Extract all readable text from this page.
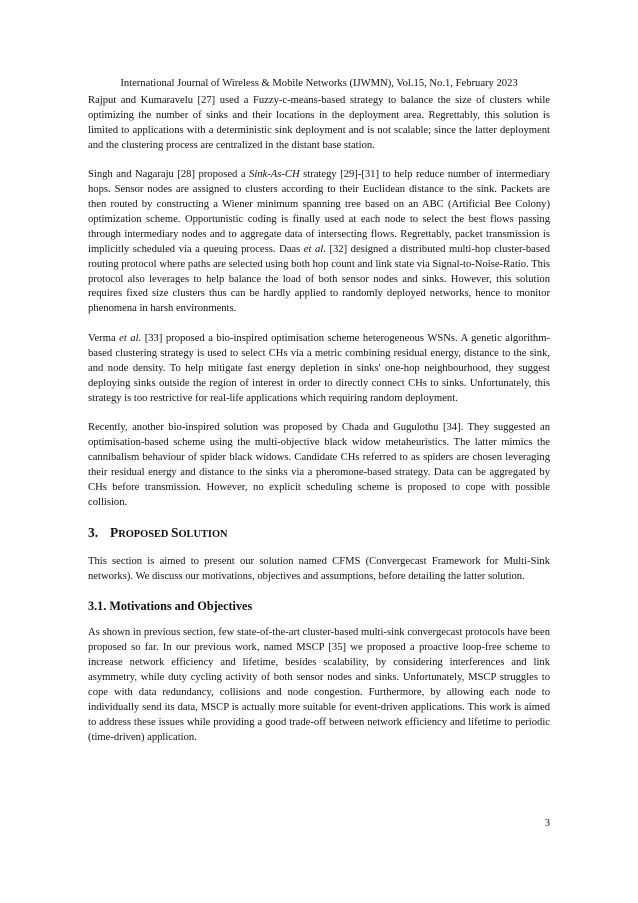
International Journal of Wireless & Mobile Networks (IJWMN), Vol.15, No.1, February 2023

Rajput and Kumaravelu [27] used a Fuzzy-c-means-based strategy to balance the size of clusters while optimizing the number of sinks and their locations in the deployment area. Regrettably, this solution is limited to applications with a deterministic sink deployment and is not scalable; since the latter deployment and the clustering process are centralized in the distant base station.

Singh and Nagaraju [28] proposed a Sink-As-CH strategy [29]-[31] to help reduce number of intermediary hops. Sensor nodes are assigned to clusters according to their Euclidean distance to the sink. Packets are then routed by constructing a Wiener minimum spanning tree based on an ABC (Artificial Bee Colony) optimization scheme. Opportunistic coding is finally used at each node to select the best flows passing through intermediary nodes and to aggregate data of intersecting flows. Regrettably, packet transmission is implicitly scheduled via a queuing process. Daas et al. [32] designed a distributed multi-hop cluster-based routing protocol where paths are selected using both hop count and link state via Signal-to-Noise-Ratio. This protocol also leverages to help balance the load of both sensor nodes and sinks. However, this solution requires fixed size clusters thus can be hardly applied to randomly deployed networks, hence to monitor phenomena in harsh environments.

Verma et al. [33] proposed a bio-inspired optimisation scheme heterogeneous WSNs. A genetic algorithm-based clustering strategy is used to select CHs via a metric combining residual energy, distance to the sink, and node density. To help mitigate fast energy depletion in sinks' one-hop neighbourhood, they suggest deploying sinks outside the region of interest in order to directly connect CHs to sinks. Unfortunately, this strategy is too restrictive for real-life applications which requiring random deployment.

Recently, another bio-inspired solution was proposed by Chada and Gugulothu [34]. They suggested an optimisation-based scheme using the multi-objective black widow metaheuristics. The latter mimics the cannibalism behaviour of spider black widows. Candidate CHs referred to as spiders are chosen leveraging their residual energy and distance to the sinks via a pheromone-based strategy. Data can be aggregated by CHs before transmission. However, no explicit scheduling scheme is proposed to cope with possible collision.

3. PROPOSED SOLUTION

This section is aimed to present our solution named CFMS (Convergecast Framework for Multi-Sink networks). We discuss our motivations, objectives and assumptions, before detailing the latter solution.

3.1. Motivations and Objectives

As shown in previous section, few state-of-the-art cluster-based multi-sink convergecast protocols have been proposed so far. In our previous work, named MSCP [35] we proposed a proactive loop-free scheme to increase network efficiency and lifetime, besides scalability, by considering interferences and link asymmetry, while duty cycling activity of both sensor nodes and sinks. Unfortunately, MSCP struggles to cope with data redundancy, collisions and node congestion. Furthermore, by allowing each node to individually send its data, MSCP is actually more suitable for event-driven applications. This work is aimed to address these issues while providing a good trade-off between network efficiency and lifetime to periodic (time-driven) application.

3
